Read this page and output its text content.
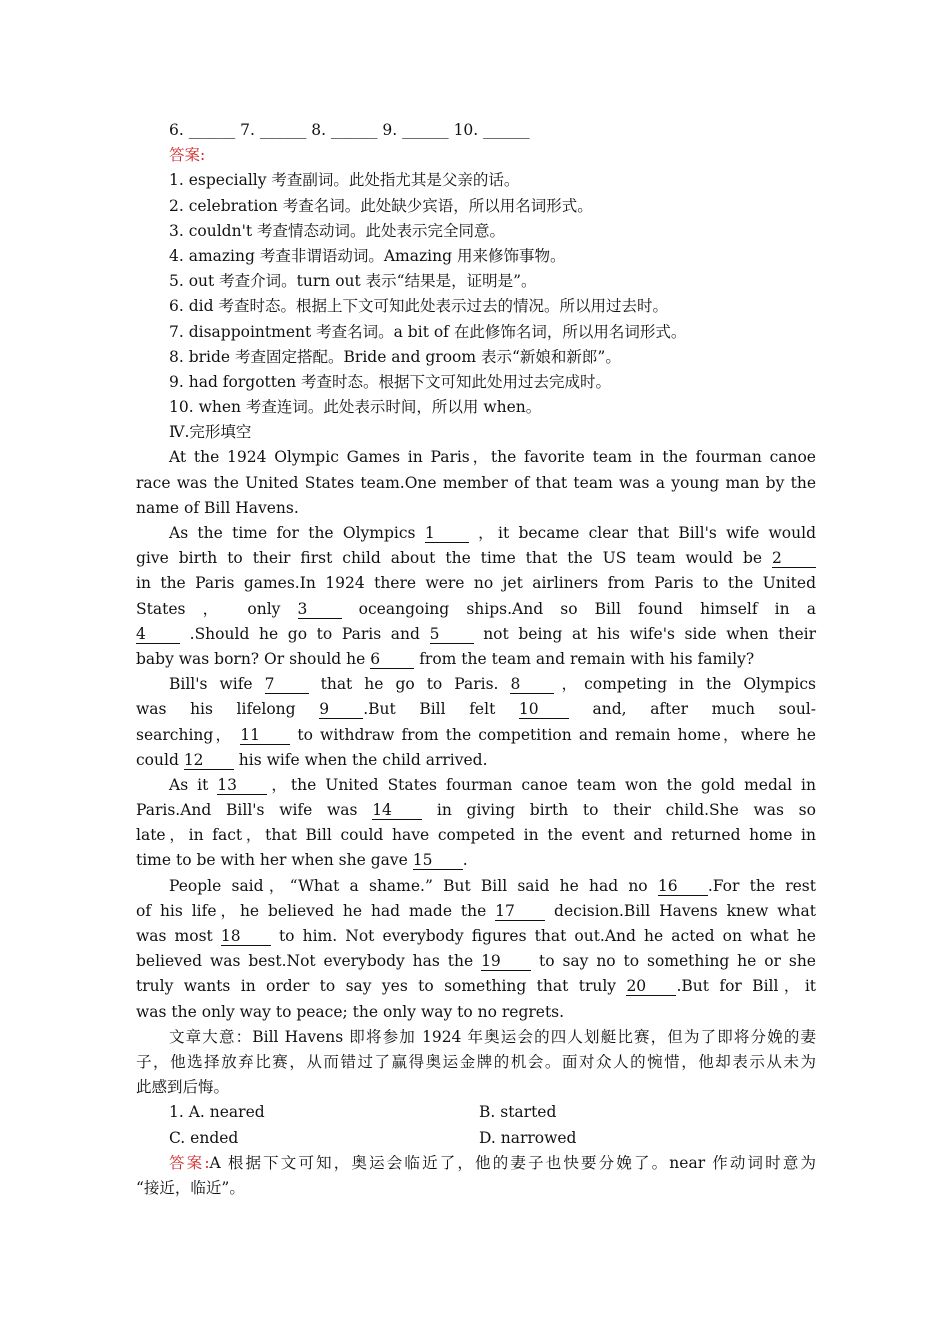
6. ______ 7. ______ 8. ______ 9. ______ 10. ______
答案:
1. especially 考查副词。此处指尤其是父亲的话。
2. celebration 考查名词。此处缺少宾语，所以用名词形式。
3. couldn't 考查情态动词。此处表示完全同意。
4. amazing 考查非谓语动词。Amazing 用来修饰事物。
5. out 考查介词。turn out 表示“结果是，证明是”。
6. did 考查时态。根据上下文可知此处表示过去的情况。所以用过去时。
7. disappointment 考查名词。a bit of 在此修饰名词，所以用名词形式。
8. bride 考查固定搭配。Bride and groom 表示“新娘和新郎”。
9. had forgotten 考查时态。根据下文可知此处用过去完成时。
10. when 考查连词。此处表示时间，所以用 when。
Ⅳ.完形填空
At the 1924 Olympic Games in Paris，the favorite team in the fourman canoe
race was the United States team.One member of that team was a young man by the
name of Bill Havens.
As the time for the Olympics 1	，it became clear that Bill's wife would
give birth to their first child about the time that the US team would be 2
in the Paris games.In 1924 there were no jet airliners from Paris to the United
States ， only 3	oceangoing ships.And so Bill found himself in a
4	.Should he go to Paris and 5	not being at his wife's side when their
baby was born? Or should he 6	from the team and remain with his family?
Bill's wife 7	that he go to Paris. 8 ，competing in the Olympics
was his lifelong 9 .But Bill felt 10	and, after much soul-
searching， 11 to withdraw from the competition and remain home，where he
could 12 his wife when the child arrived.
As it 13 ，the United States fourman canoe team won the gold medal in
Paris.And Bill's wife was 14	in giving birth to their child.She was so
late，in fact，that Bill could have competed in the event and returned home in
time to be with her when she gave 15 .
People said，“What a shame.” But Bill said he had no 16 .For the rest
of his life，he believed he had made the 17	decision.Bill Havens knew what
was most 18 to him. Not everybody figures that out.And he acted on what he
believed was best.Not everybody has the 19 to say no to something he or she
truly wants in order to say yes to something that truly 20 .But for Bill，it
was the only way to peace; the only way to no regrets.
文章大意：Bill Havens 即将参加 1924 年奥运会的四人划艇比赛，但为了即将分娩的妻
子，他选择放弃比赛，从而错过了赢得奥运金牌的机会。面对众人的惋惜，他却表示从未为
此感到后悔。
1. A. neared	B. started
C. ended	D. narrowed
答案:A 根据下文可知，奥运会临近了，他的妻子也快要分娩了。near 作动词时意为
“接近，临近”。
